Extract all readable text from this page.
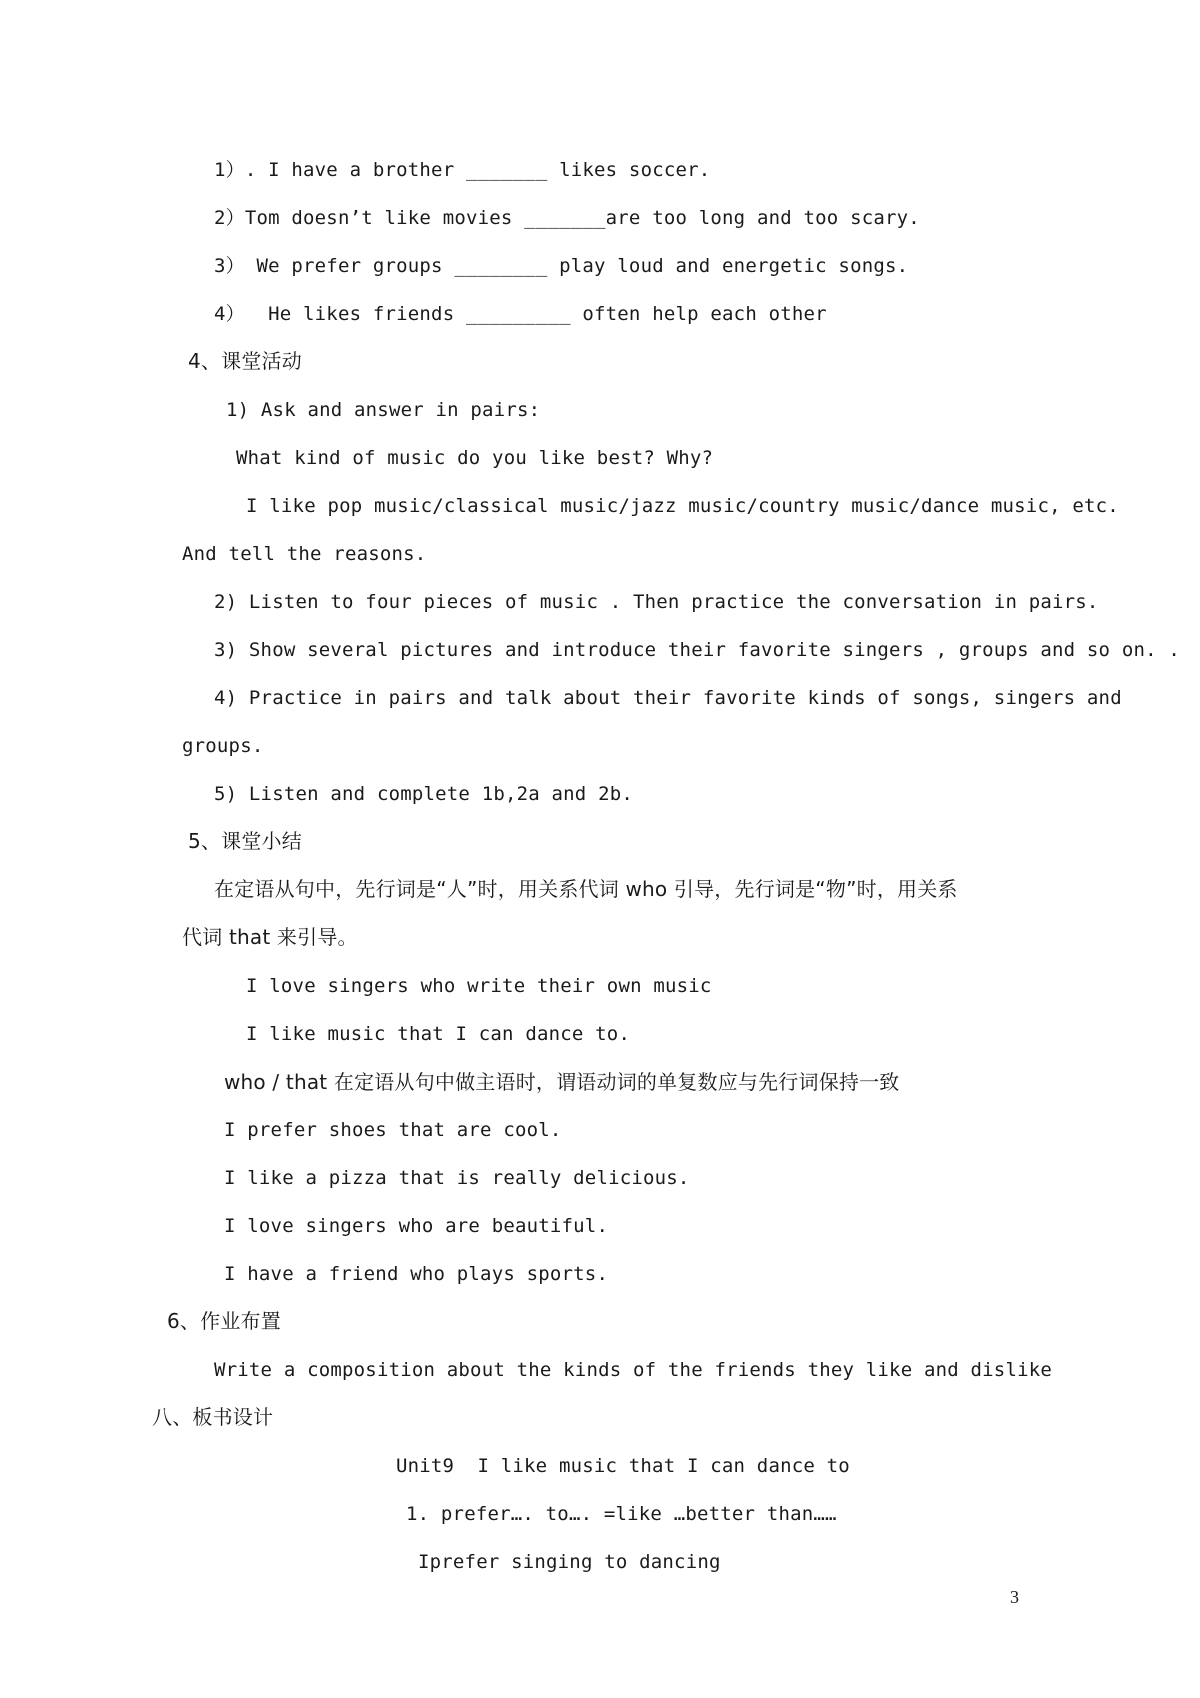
1）. I have a brother _______ likes soccer.
2）Tom doesn’t like movies _______are too long and too scary.
3） We prefer groups ________ play loud and energetic songs.
4）  He likes friends _________ often help each other
4、课堂活动
1) Ask and answer in pairs:
What kind of music do you like best? Why?
I like pop music/classical music/jazz music/country music/dance music, etc.
And tell the reasons.
2) Listen to four pieces of music . Then practice the conversation in pairs.
3) Show several pictures and introduce their favorite singers , groups and so on. .
4) Practice in pairs and talk about their favorite kinds of songs, singers and
groups.
5) Listen and complete 1b,2a and 2b.
5、课堂小结
在定语从句中，先行词是“人”时，用关系代词 who 引导，先行词是“物”时，用关系
代词 that 来引导。
I love singers who write their own music
I like music that I can dance to.
who / that 在定语从句中做主语时，谓语动词的单复数应与先行词保持一致
I prefer shoes that are cool.
I like a pizza that is really delicious.
I love singers who are beautiful.
I have a friend who plays sports.
6、作业布置
Write a composition about the kinds of the friends they like and dislike
八、板书设计
Unit9  I like music that I can dance to
1. prefer…. to…. =like …better than……
Iprefer singing to dancing
3
